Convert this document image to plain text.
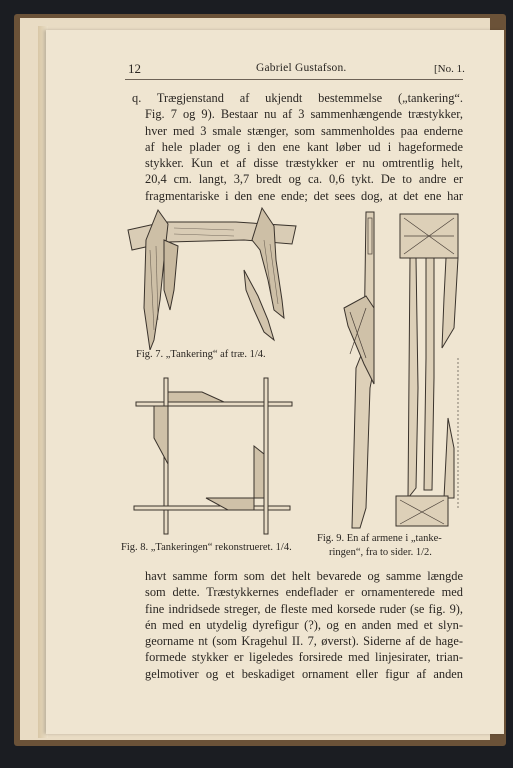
12	Gabriel Gustafson.	[No. 1.
q. Trægjenstand af ukjendt bestemmelse („tankering“.
Fig. 7 og 9). Bestaar nu af 3 sammenhængende træstykker,
hver med 3 smale stænger, som sammenholdes paa enderne
af hele plader og i den ene kant løber ud i hageformede
stykker. Kun et af disse træstykker er nu omtrentlig helt,
20,4 cm. langt, 3,7 bredt og ca. 0,6 tykt. De to andre er
fragmentariske i den ene ende; det sees dog, at det ene har
Fig. 7. „Tankering“ af træ. 1/4.
Fig. 8. „Tankeringen“ rekonstrueret. 1/4.
Fig. 9. En af armene i „tanke-
ringen“, fra to sider. 1/2.
havt samme form som det helt bevarede og samme længde
som dette. Træstykkernes endeflader er ornamenterede med
fine indridsede streger, de fleste med korsede ruder (se fig. 9),
én med en utydelig dyrefigur (?), og en anden med et slyn-
georname nt (som Kragehul II. 7, øverst). Siderne af de hage-
formede stykker er ligeledes forsirede med linjesirater, trian-
gelmotiver og et beskadiget ornament eller figur af anden
